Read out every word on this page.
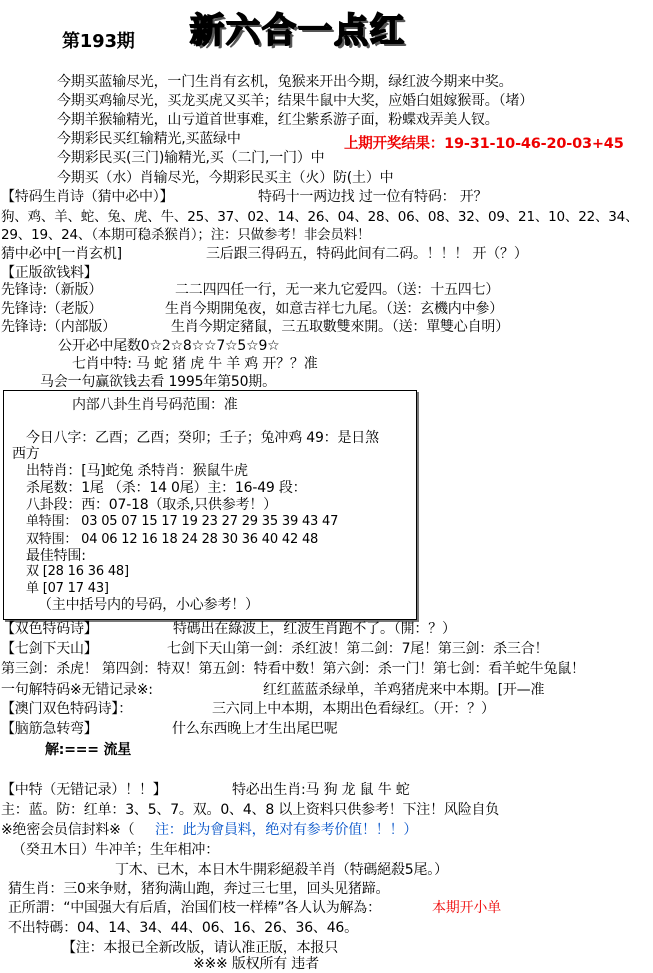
第193期 新六合一点红
今期买蓝输尽光，一门生肖有玄机，兔猴来开出今期，绿红波今期来中奖。
今期买鸡输尽光，买龙买虎又买羊；结果牛鼠中大奖，应婚白姐嫁猴哥。（堵）
今期羊猴输精光，山亏道首世事难，红尘紫系游子面，粉蝶戏弄美人钗。
今期彩民买红输精光,买蓝绿中	上期开奖结果：19-31-10-46-20-03+45
今期彩民买(三门)输精光,买（二门,一门）中
今期买（水）肖输尽光，今期彩民买主（火）防(土）中
【特码生肖诗（猜中必中）】	特码十一两边找 过一位有特码： 开？
狗、鸡、羊、蛇、兔、虎、牛、25、37、02、14、26、04、28、06、08、32、09、21、10、22、34、
29、19、24、（本期可稳杀猴肖）；注：只做参考！非会员料！
猜中必中[一肖玄机]	三后跟三得码五，特码此间有二码。！！！ 开（？）
【正版欲钱料】
先锋诗:（新版）	二二四四任一行，无一来九它爱四。（送：十五四七）
先锋诗:（老版）	生肖今期開兔夜，如意吉祥七九尾。（送：玄機内中參）
先锋诗:（内部版）	生肖今期定豬鼠，三五取數雙來開。（送：單雙心自明）
公开必中尾数0☆2☆8☆☆7☆5☆9☆
七肖中特: 马 蛇 猪 虎 牛 羊 鸡 开？？准
马会一句赢欲钱去看 1995年第50期。
内部八卦生肖号码范围：准
今日八字：乙酉；乙酉；癸卯；壬子；兔冲鸡 49：是日煞
西方
出特肖：[马]蛇兔 杀特肖：猴鼠牛虎
杀尾数：1尾 （杀：14 0尾）主：16-49 段：
八卦段：西：07-18（取杀,只供参考！）
单特围： 03 05 07 15 17 19 23 27 29 35 39 43 47
双特围： 04 06 12 16 18 24 28 30 36 40 42 48
最佳特围:
双 [28 16 36 48]
单 [07 17 43]
（主中括号内的号码，小心参考！）
【双色特码诗】	特碼出在綠波上，红波生肖跑不了。（開：？）
【七剑下天山】	七剑下天山第一剑：杀红波！第二剑：7尾！第三剑：杀三合！
第三剑：杀虎！ 第四剑：特双！第五剑：特看中数！第六剑：杀一门！第七剑：看羊蛇牛兔鼠！
一句解特码※无错记录※:	红红蓝蓝杀绿单，羊鸡猪虎来中本期。[开—准
【澳门双色特码诗】：	三六同上中本期，本期出色看绿红。（开：？）
【脑筋急转弯】	什么东西晚上才生出尾巴呢
解:=== 流星
【中特（无错记录）！！】	特必出生肖:马 狗 龙 鼠 牛 蛇
主：蓝。防：红单：3、5、7。双。0、4、8 以上资料只供参考！下注！风险自负
※绝密会员信封料※（ 注：此为會員料，绝对有参考价值！！！）
（癸丑木日）牛冲羊；生年相冲：
丁木、已木，本日木牛開彩絕殺羊肖（特碼絕殺5尾。）
猜生肖：三0来争财，猪狗满山跑，奔过三七里，回头见猪蹄。
正所謂：“中国强大有后盾，治国们枝一样棒”各人认为解為：	本期开小单
不出特碼：04、14、34、44、06、16、26、36、46。
【注：本报已全新改版，请认准正版，本报只
※※※ 版权所有 违者
